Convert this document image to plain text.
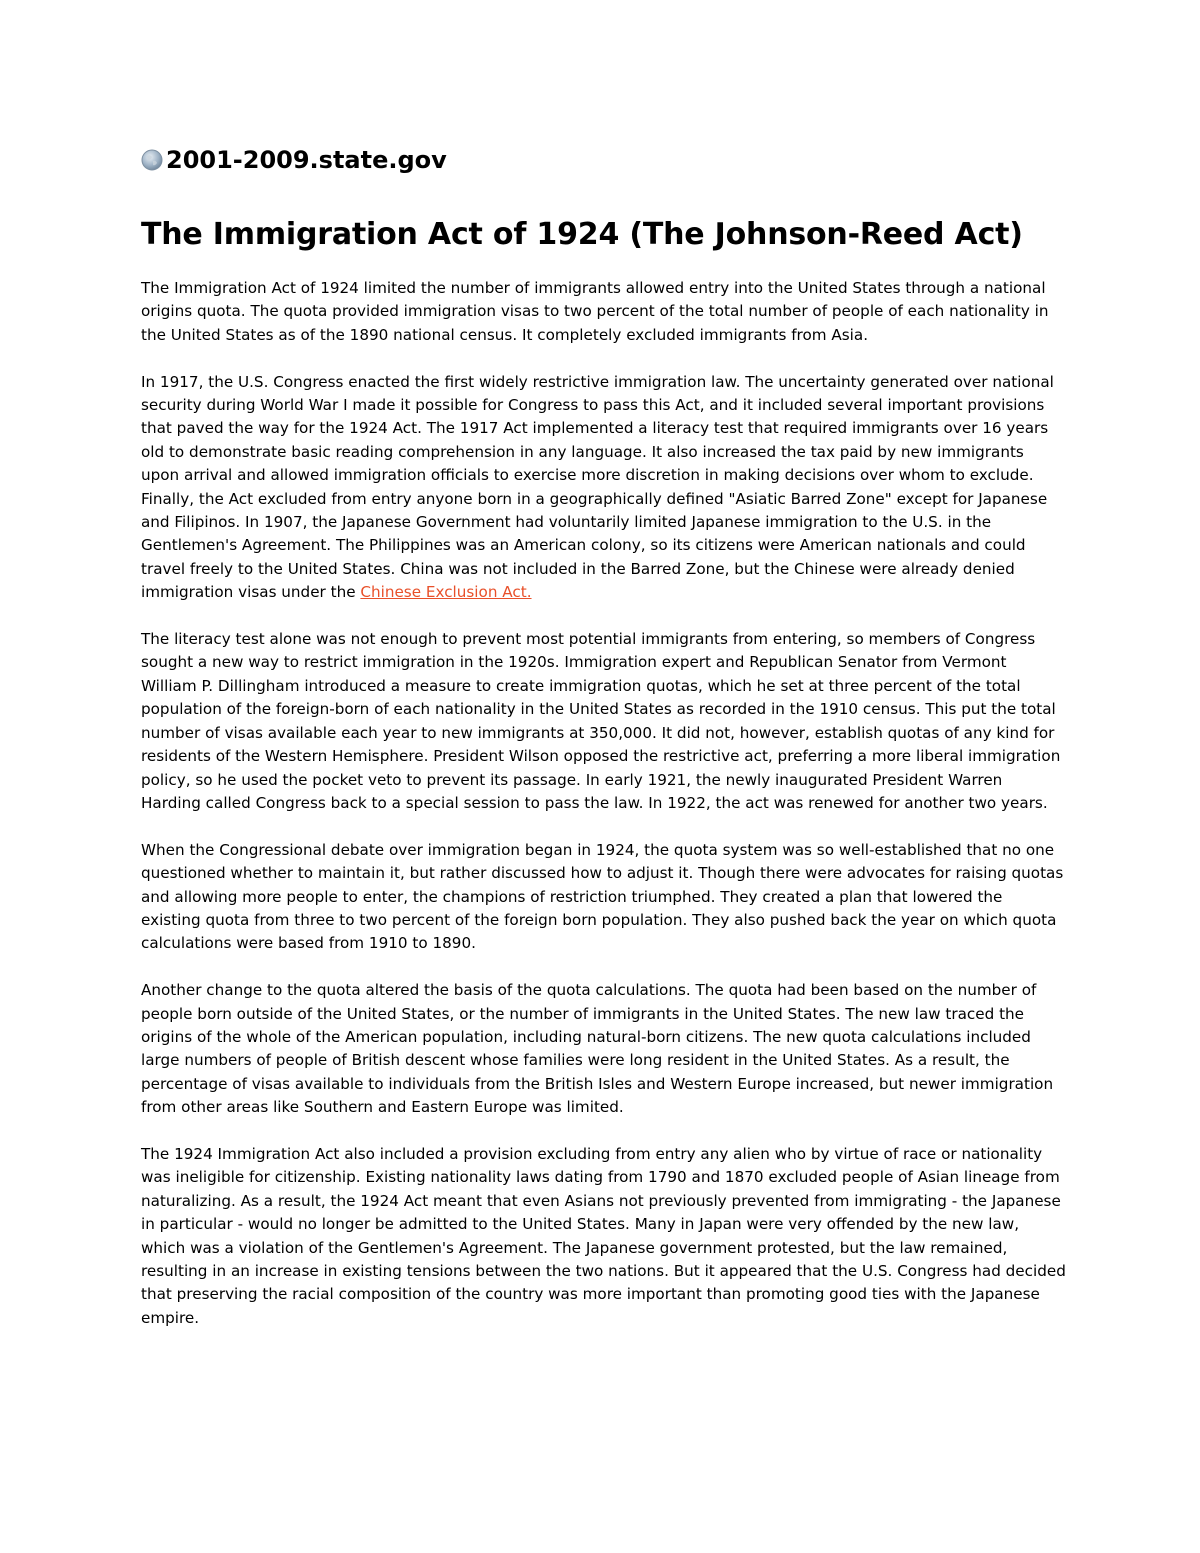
2001-2009.state.gov
The Immigration Act of 1924 (The Johnson-Reed Act)

The Immigration Act of 1924 limited the number of immigrants allowed entry into the United States through a national origins quota. The quota provided immigration visas to two percent of the total number of people of each nationality in the United States as of the 1890 national census. It completely excluded immigrants from Asia.

In 1917, the U.S. Congress enacted the first widely restrictive immigration law. The uncertainty generated over national security during World War I made it possible for Congress to pass this Act, and it included several important provisions that paved the way for the 1924 Act. The 1917 Act implemented a literacy test that required immigrants over 16 years old to demonstrate basic reading comprehension in any language. It also increased the tax paid by new immigrants upon arrival and allowed immigration officials to exercise more discretion in making decisions over whom to exclude. Finally, the Act excluded from entry anyone born in a geographically defined "Asiatic Barred Zone" except for Japanese and Filipinos. In 1907, the Japanese Government had voluntarily limited Japanese immigration to the U.S. in the Gentlemen's Agreement. The Philippines was an American colony, so its citizens were American nationals and could travel freely to the United States. China was not included in the Barred Zone, but the Chinese were already denied immigration visas under the Chinese Exclusion Act.

The literacy test alone was not enough to prevent most potential immigrants from entering, so members of Congress sought a new way to restrict immigration in the 1920s. Immigration expert and Republican Senator from Vermont William P. Dillingham introduced a measure to create immigration quotas, which he set at three percent of the total population of the foreign-born of each nationality in the United States as recorded in the 1910 census. This put the total number of visas available each year to new immigrants at 350,000. It did not, however, establish quotas of any kind for residents of the Western Hemisphere. President Wilson opposed the restrictive act, preferring a more liberal immigration policy, so he used the pocket veto to prevent its passage. In early 1921, the newly inaugurated President Warren Harding called Congress back to a special session to pass the law. In 1922, the act was renewed for another two years.

When the Congressional debate over immigration began in 1924, the quota system was so well-established that no one questioned whether to maintain it, but rather discussed how to adjust it. Though there were advocates for raising quotas and allowing more people to enter, the champions of restriction triumphed. They created a plan that lowered the existing quota from three to two percent of the foreign born population. They also pushed back the year on which quota calculations were based from 1910 to 1890.

Another change to the quota altered the basis of the quota calculations. The quota had been based on the number of people born outside of the United States, or the number of immigrants in the United States. The new law traced the origins of the whole of the American population, including natural-born citizens. The new quota calculations included large numbers of people of British descent whose families were long resident in the United States. As a result, the percentage of visas available to individuals from the British Isles and Western Europe increased, but newer immigration from other areas like Southern and Eastern Europe was limited.

The 1924 Immigration Act also included a provision excluding from entry any alien who by virtue of race or nationality was ineligible for citizenship. Existing nationality laws dating from 1790 and 1870 excluded people of Asian lineage from naturalizing. As a result, the 1924 Act meant that even Asians not previously prevented from immigrating - the Japanese in particular - would no longer be admitted to the United States. Many in Japan were very offended by the new law, which was a violation of the Gentlemen's Agreement. The Japanese government protested, but the law remained, resulting in an increase in existing tensions between the two nations. But it appeared that the U.S. Congress had decided that preserving the racial composition of the country was more important than promoting good ties with the Japanese empire.
